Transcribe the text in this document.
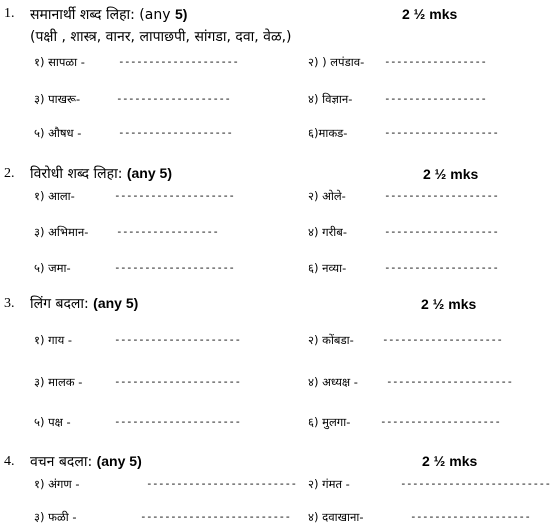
1. समानार्थी शब्द लिहा: (any 5)	2 ½ mks
(पक्षी , शास्त्र, वानर, लापाछपी, सांगडा, दवा, वेळ,)
१) सापळा -	--------------------	२) ) लपंडाव- -----------------
३) पाखरू-	-------------------	४) विज्ञान-	-----------------
५) औषध -	-------------------	६)माकड-	-------------------
2. विरोधी शब्द लिहा: (any 5)	2 ½ mks
१) आला-	--------------------	२) ओले-	-------------------
३) अभिमान-	-----------------	४) गरीब-	-------------------
५) जमा-	--------------------	६) नव्या-	-------------------
3. लिंग बदला: (any 5)	2 ½ mks
१) गाय -	---------------------	२) कोंबडा-	--------------------
३) मालक -	---------------------	४) अध्यक्ष -	---------------------
५) पक्ष -	---------------------	६) मुलगा-	--------------------
4. वचन बदला: (any 5)	2 ½ mks
१) अंगण -	------------------------- २) गंमत -	-------------------------
३) फळी -	------------------------- ४) दवाखाना-	--------------------
